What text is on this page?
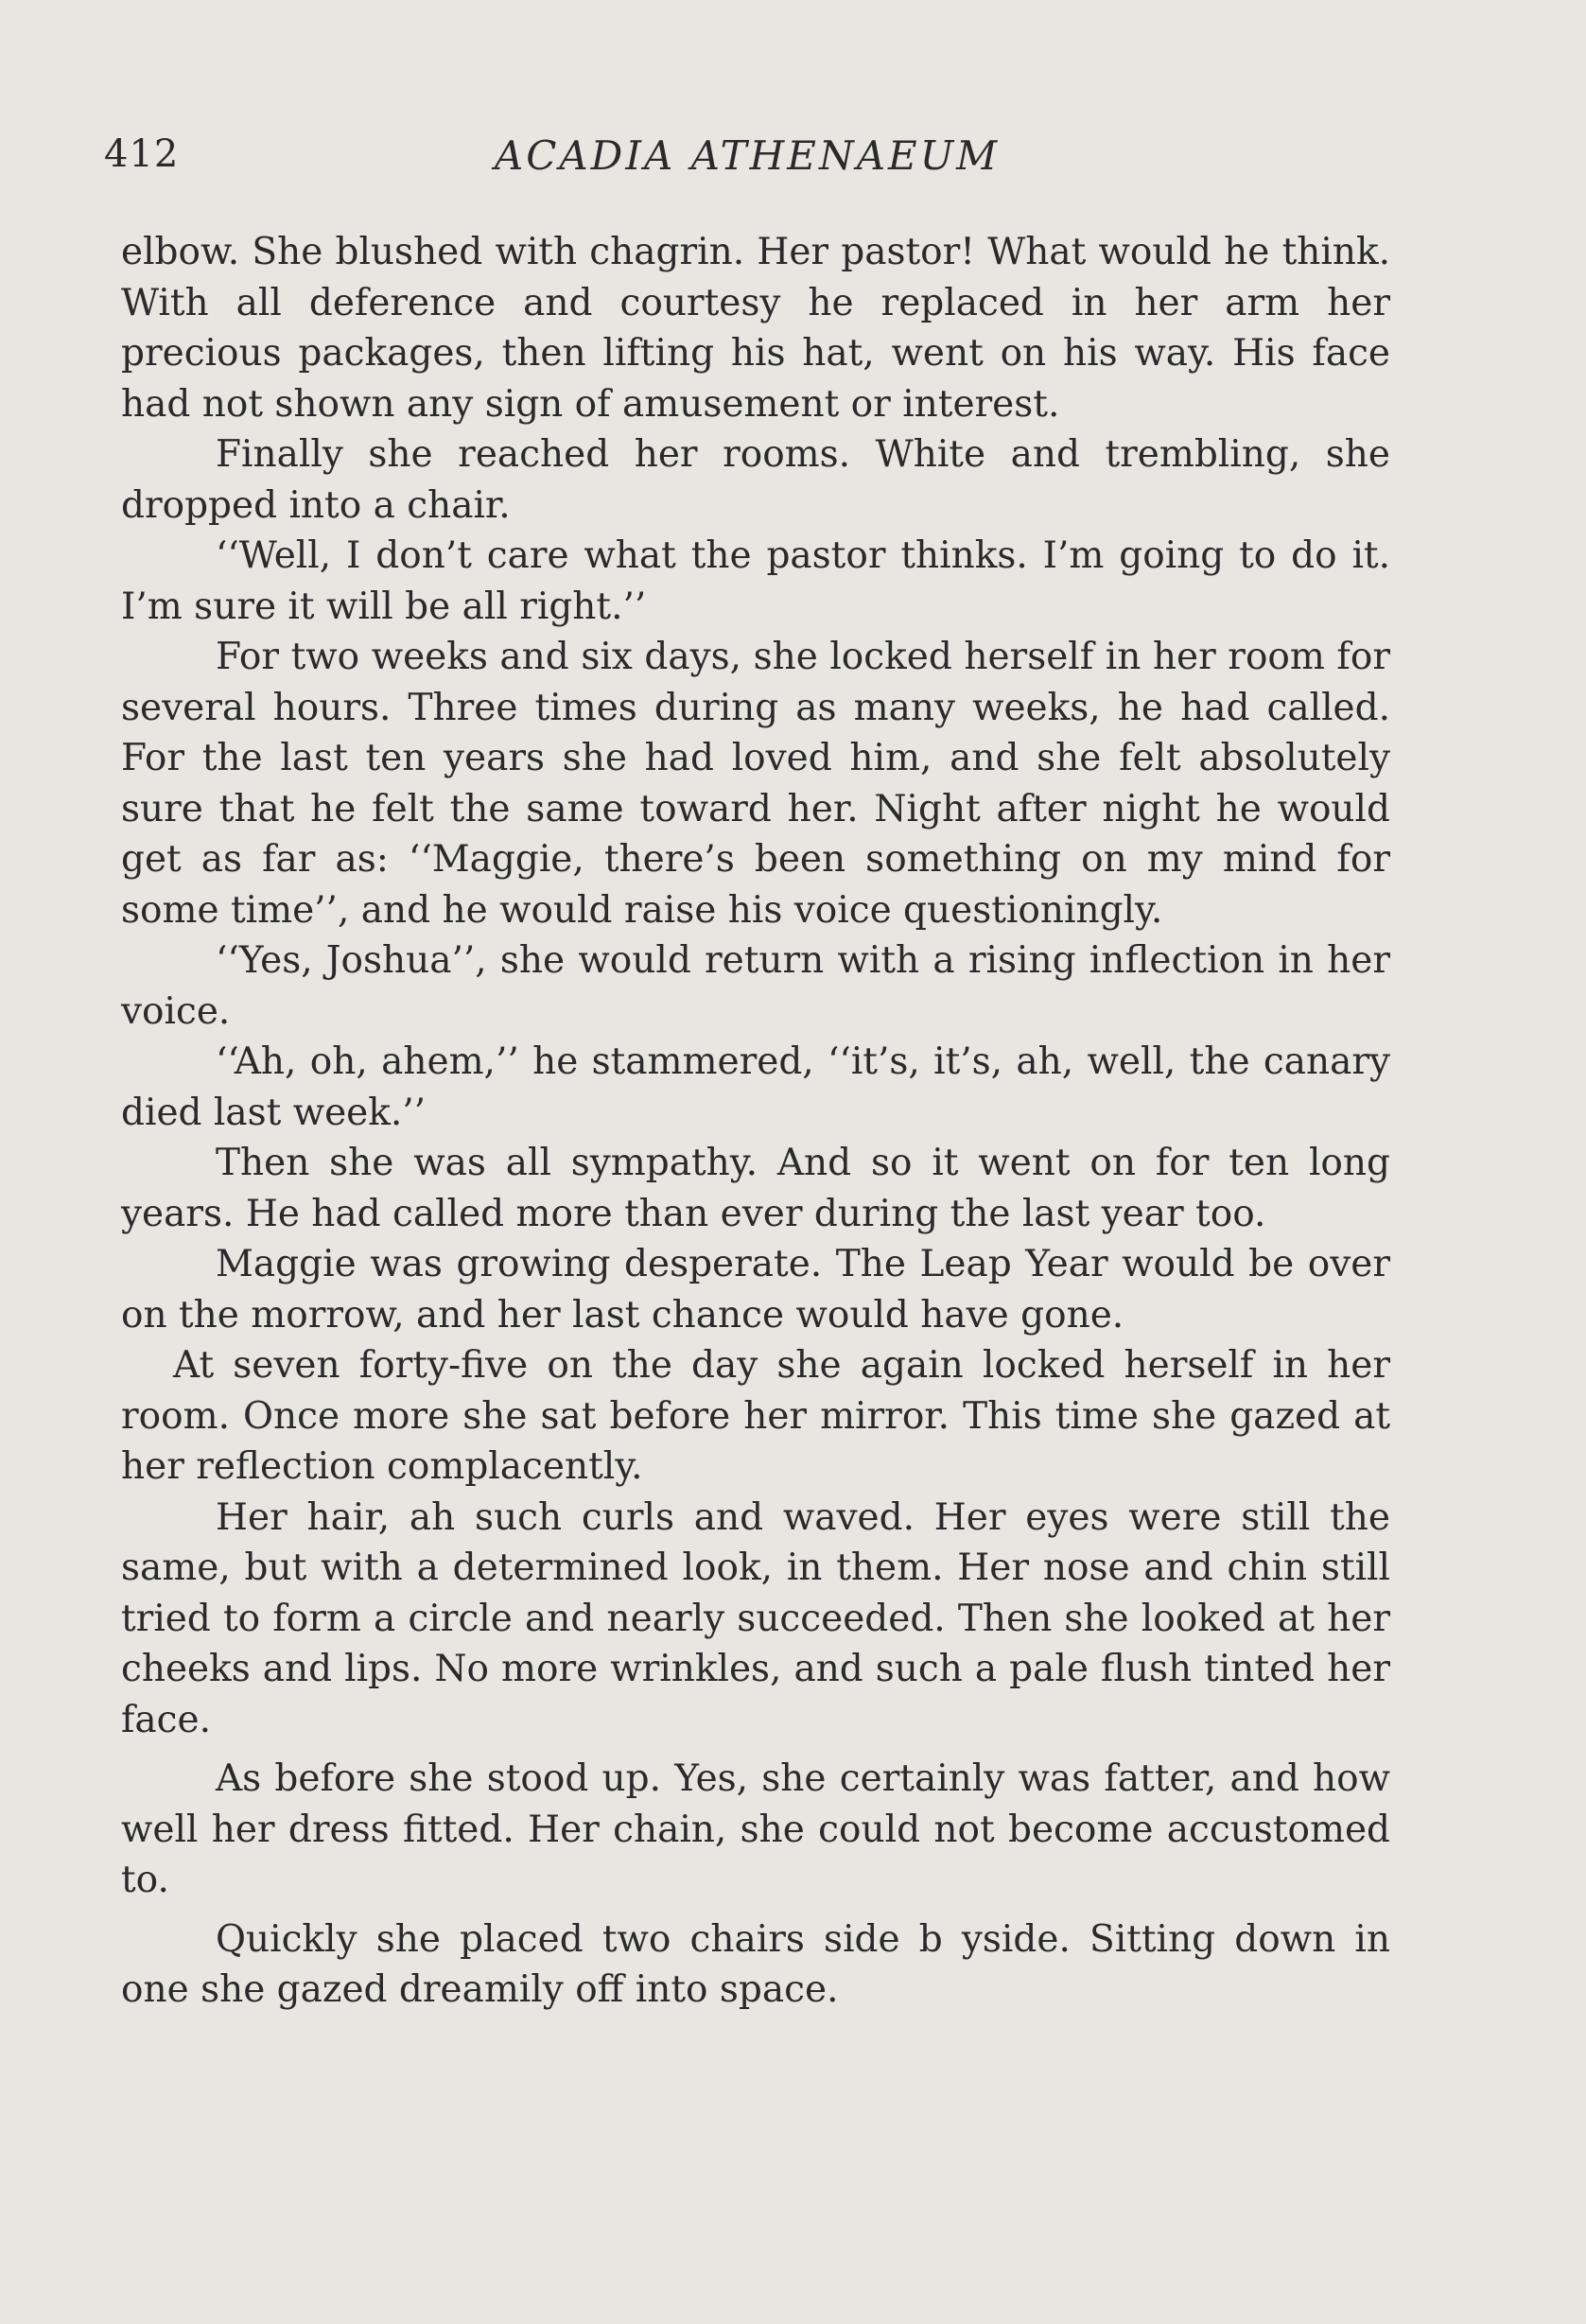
412	ACADIA ATHENAEUM

elbow. She blushed with chagrin. Her pastor! What would he think. With all deference and courtesy he replaced in her arm her precious packages, then lifting his hat, went on his way. His face had not shown any sign of amusement or interest.

Finally she reached her rooms. White and trembling, she dropped into a chair.

‘‘Well, I don’t care what the pastor thinks. I’m going to do it. I’m sure it will be all right.’’

For two weeks and six days, she locked herself in her room for several hours. Three times during as many weeks, he had called. For the last ten years she had loved him, and she felt absolutely sure that he felt the same toward her. Night after night he would get as far as: ‘‘Maggie, there’s been something on my mind for some time’’, and he would raise his voice questioningly.

‘‘Yes, Joshua’’, she would return with a rising inflection in her voice.

‘‘Ah, oh, ahem,’’ he stammered, ‘‘it’s, it’s, ah, well, the canary died last week.’’

Then she was all sympathy. And so it went on for ten long years. He had called more than ever during the last year too.

Maggie was growing desperate. The Leap Year would be over on the morrow, and her last chance would have gone.

At seven forty-five on the day she again locked herself in her room. Once more she sat before her mirror. This time she gazed at her reflection complacently.

Her hair, ah such curls and waved. Her eyes were still the same, but with a determined look, in them. Her nose and chin still tried to form a circle and nearly succeeded. Then she looked at her cheeks and lips. No more wrinkles, and such a pale flush tinted her face.

As before she stood up. Yes, she certainly was fatter, and how well her dress fitted. Her chain, she could not become accustomed to.

Quickly she placed two chairs side b yside. Sitting down in one she gazed dreamily off into space.
